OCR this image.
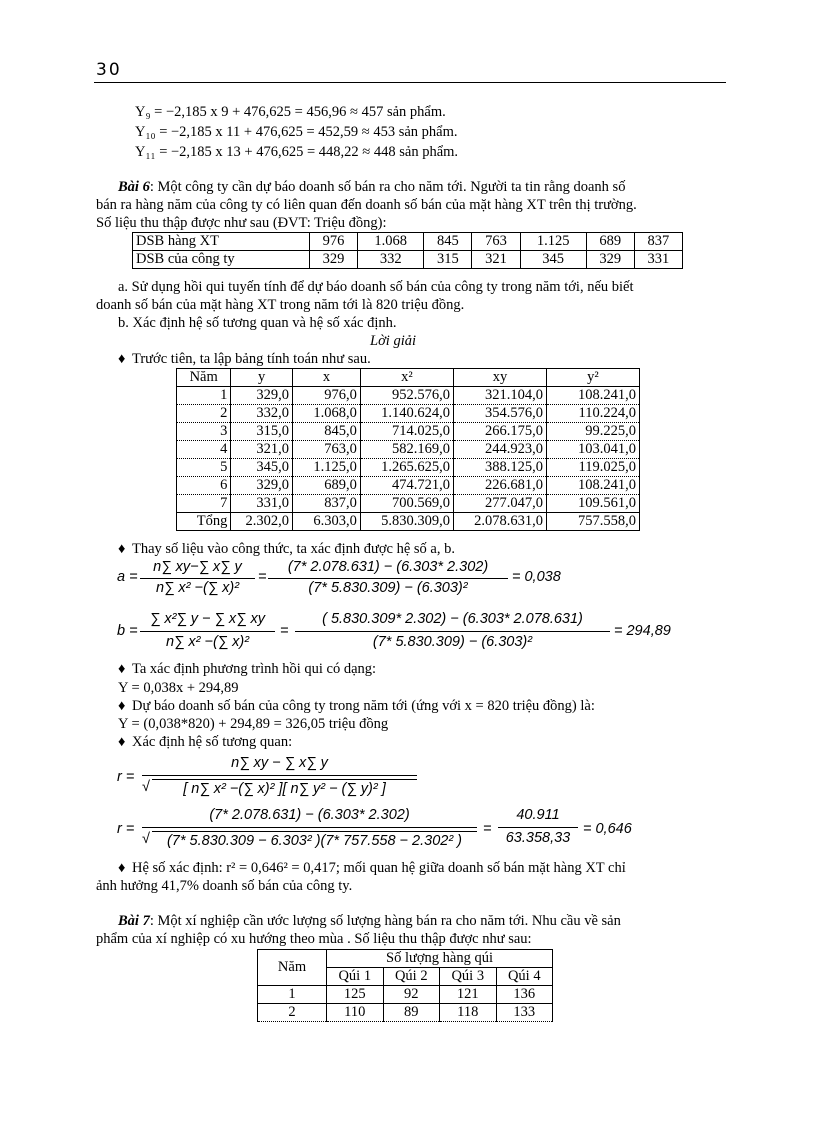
30
Y₉ = −2,185 x 9 + 476,625 = 456,96 ≈ 457 sản phẩm.
Y₁₀ = −2,185 x 11 + 476,625 = 452,59 ≈ 453 sản phẩm.
Y₁₁ = −2,185 x 13 + 476,625 = 448,22 ≈ 448 sản phẩm.
Bài 6: Một công ty cần dự báo doanh số bán ra cho năm tới. Người ta tin rằng doanh số
bán ra hàng năm của công ty có liên quan đến doanh số bán của mặt hàng XT trên thị trường.
Số liệu thu thập được như sau (ĐVT: Triệu đồng):
DSB hàng XT	976	1.068	845	763	1.125	689	837
DSB của công ty	329	332	315	321	345	329	331
a. Sử dụng hồi qui tuyến tính để dự báo doanh số bán của công ty trong năm tới, nếu biết
doanh số bán của mặt hàng XT trong năm tới là 820 triệu đồng.
b. Xác định hệ số tương quan và hệ số xác định.
Lời giải
♦ Trước tiên, ta lập bảng tính toán như sau.
Năm	y	x	x²	xy	y²
1	329,0	976,0	952.576,0	321.104,0	108.241,0
2	332,0	1.068,0	1.140.624,0	354.576,0	110.224,0
3	315,0	845,0	714.025,0	266.175,0	99.225,0
4	321,0	763,0	582.169,0	244.923,0	103.041,0
5	345,0	1.125,0	1.265.625,0	388.125,0	119.025,0
6	329,0	689,0	474.721,0	226.681,0	108.241,0
7	331,0	837,0	700.569,0	277.047,0	109.561,0
Tổng	2.302,0	6.303,0	5.830.309,0	2.078.631,0	757.558,0
♦ Thay số liệu vào công thức, ta xác định được hệ số a, b.
a =
n∑ xy−∑ x∑ y
n∑ x² −(∑ x)²
=
(7* 2.078.631) − (6.303* 2.302)
(7* 5.830.309) − (6.303)²
= 0,038
b =
∑ x²∑ y − ∑ x∑ xy
n∑ x² −(∑ x)²
=
( 5.830.309* 2.302) − (6.303* 2.078.631)
(7* 5.830.309) − (6.303)²
= 294,89
♦ Ta xác định phương trình hồi qui có dạng:
Y = 0,038x + 294,89
♦ Dự báo doanh số bán của công ty trong năm tới (ứng với x = 820 triệu đồng) là:
Y = (0,038*820) + 294,89 = 326,05 triệu đồng
♦ Xác định hệ số tương quan:
r =
n∑ xy − ∑ x∑ y
√	[ n∑ x² −(∑ x)² ][ n∑ y² − (∑ y)² ]
r =
(7* 2.078.631) − (6.303* 2.302)
√	(7* 5.830.309 − 6.303² )(7* 757.558 − 2.302² )
=
40.911
63.358,33
= 0,646
♦ Hệ số xác định: r² = 0,646² = 0,417; mối quan hệ giữa doanh số bán mặt hàng XT chỉ
ảnh hưởng 41,7% doanh số bán của công ty.
Bài 7: Một xí nghiệp cần ước lượng số lượng hàng bán ra cho năm tới. Nhu cầu về sản
phẩm của xí nghiệp có xu hướng theo mùa . Số liệu thu thập được như sau:
Năm	Số lượng hàng qúi			
	Qúi 1	Qúi 2	Qúi 3	Qúi 4
1	125	92	121	136
2	110	89	118	133
